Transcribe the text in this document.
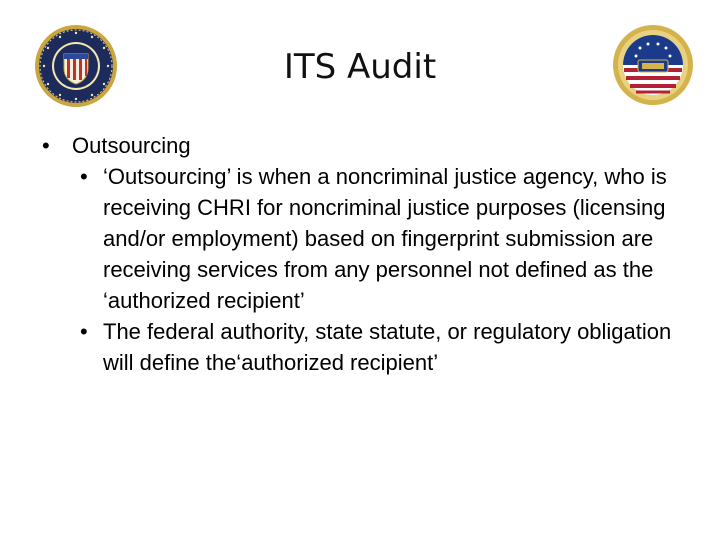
ITS Audit
• Outsourcing
• ‘Outsourcing’ is when a noncriminal justice agency, who is receiving CHRI for noncriminal justice purposes (licensing and/or employment) based on fingerprint submission are receiving services from any personnel not defined as the ‘authorized recipient’
• The federal authority, state statute, or regulatory obligation will define the‘authorized recipient’
